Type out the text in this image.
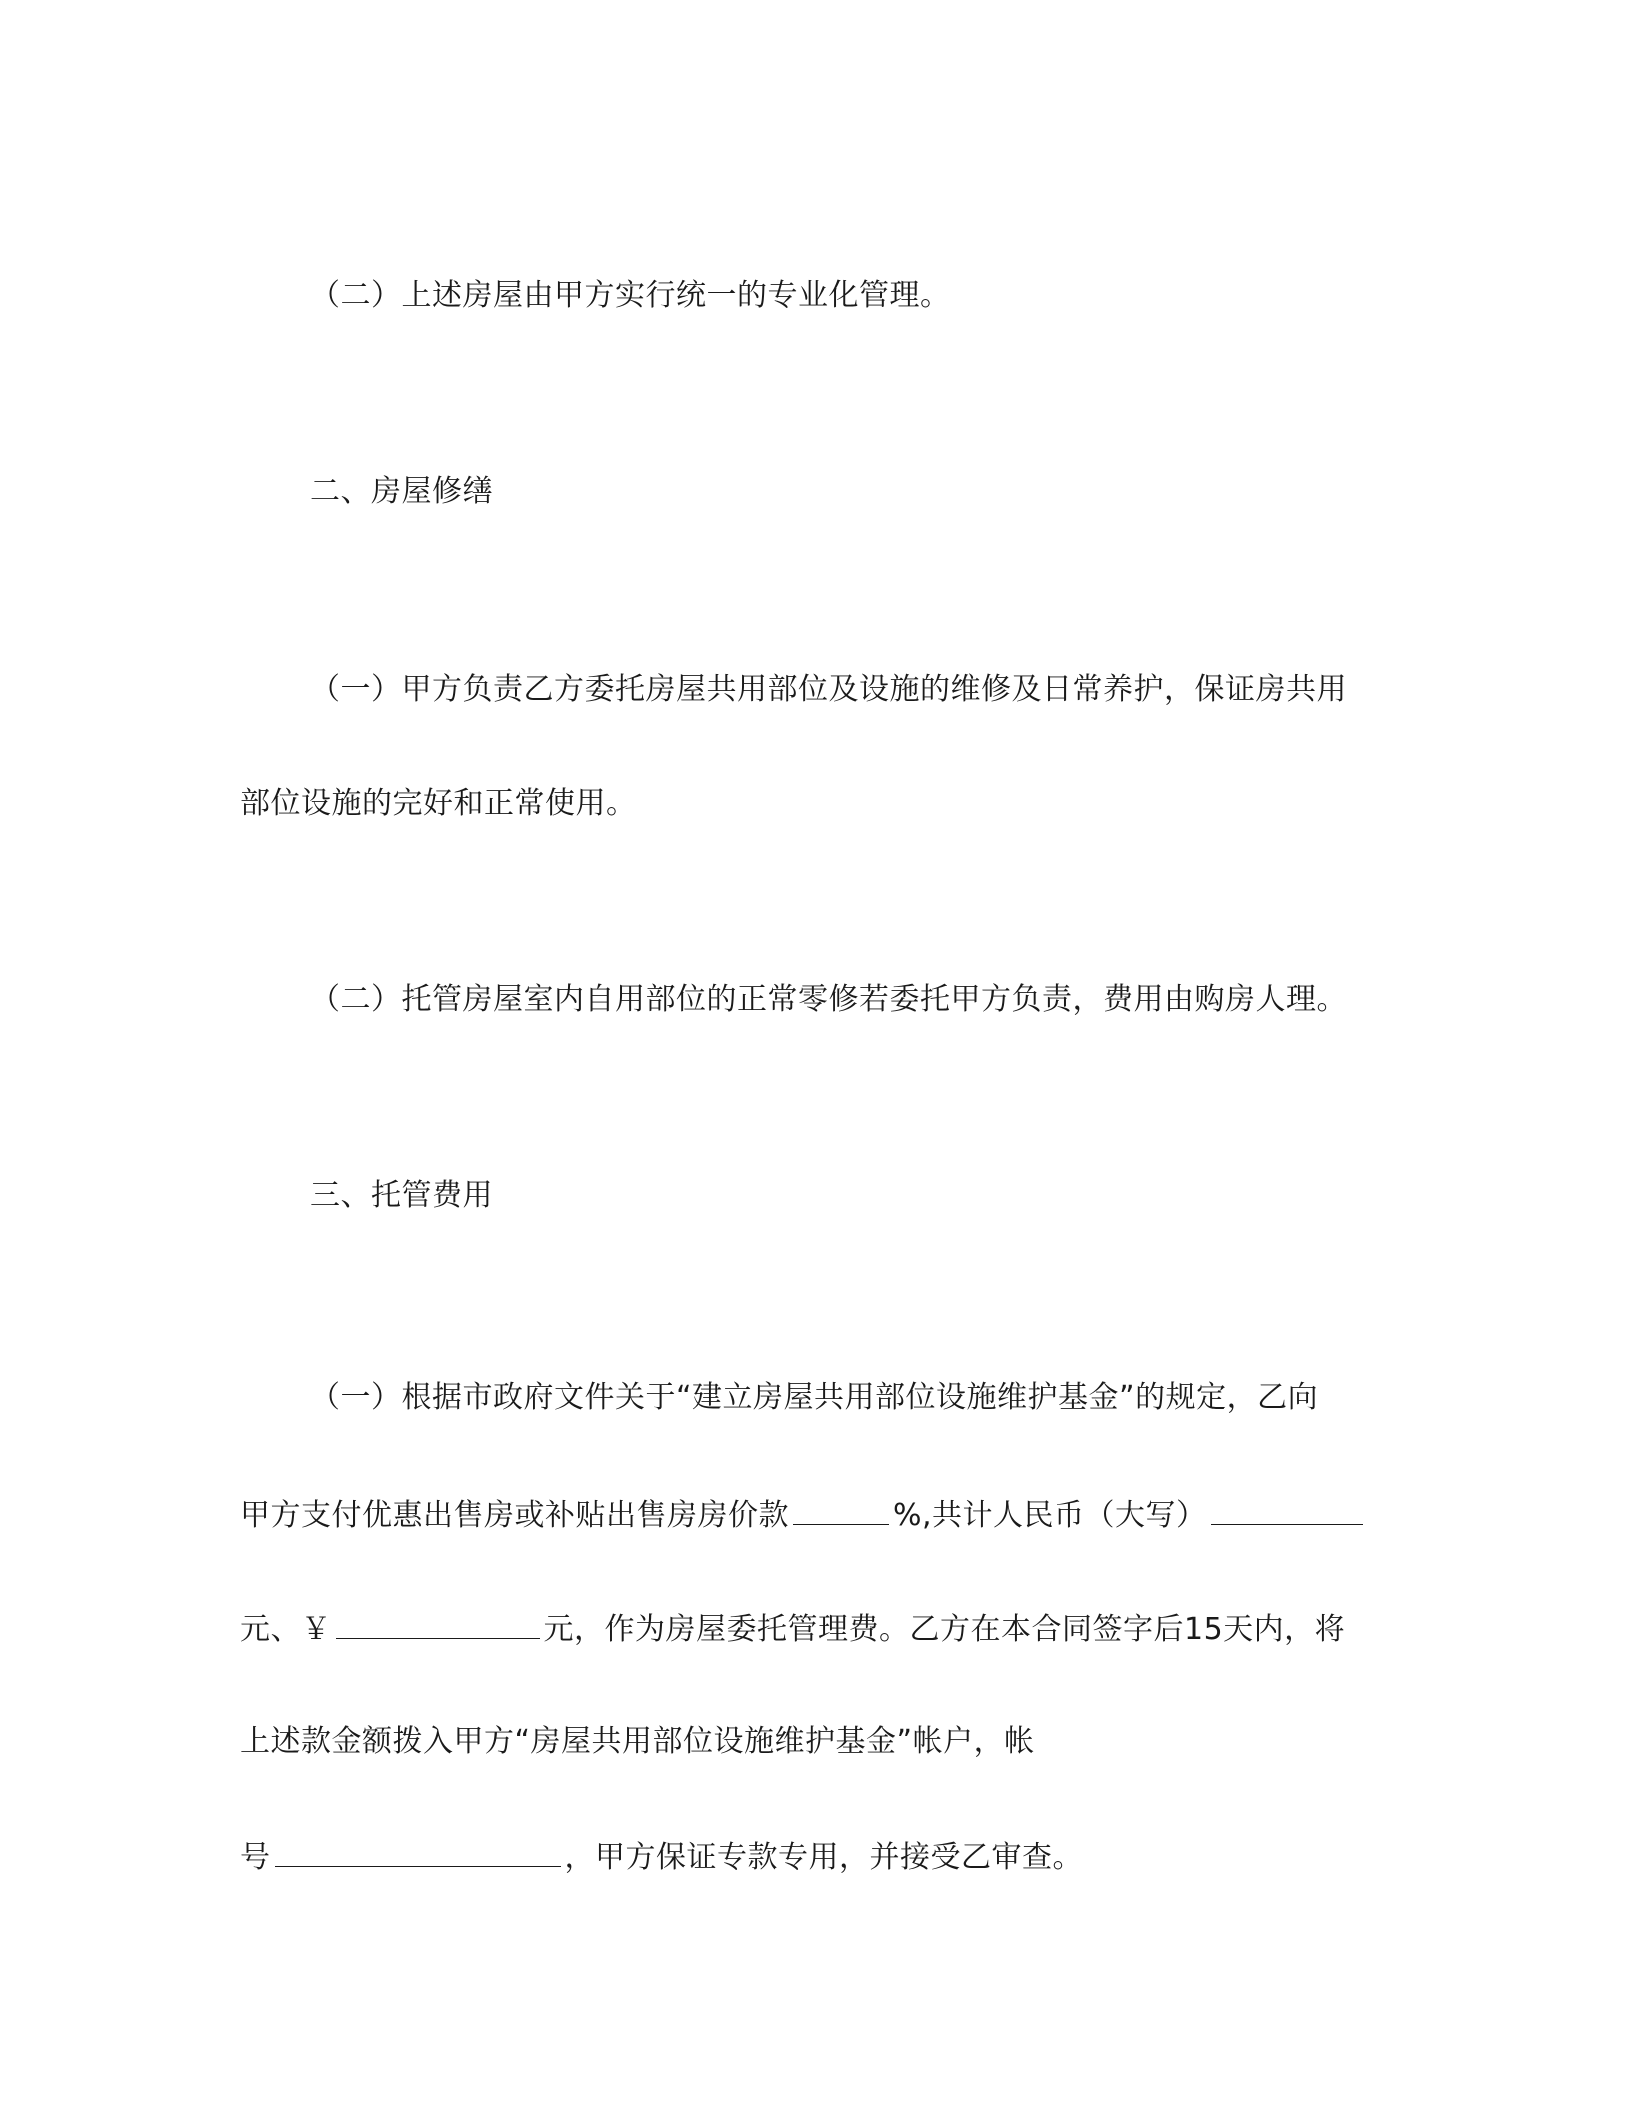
（二）上述房屋由甲方实行统一的专业化管理。
二、房屋修缮
（一）甲方负责乙方委托房屋共用部位及设施的维修及日常养护，保证房共用
部位设施的完好和正常使用。
（二）托管房屋室内自用部位的正常零修若委托甲方负责，费用由购房人理。
三、托管费用
（一）根据市政府文件关于“建立房屋共用部位设施维护基金”的规定，乙向
甲方支付优惠出售房或补贴出售房房价款	%,共计人民币（大写）
元、￥	元，作为房屋委托管理费。乙方在本合同签字后15天内，将
上述款金额拨入甲方“房屋共用部位设施维护基金”帐户，帐
号	，甲方保证专款专用，并接受乙审查。
